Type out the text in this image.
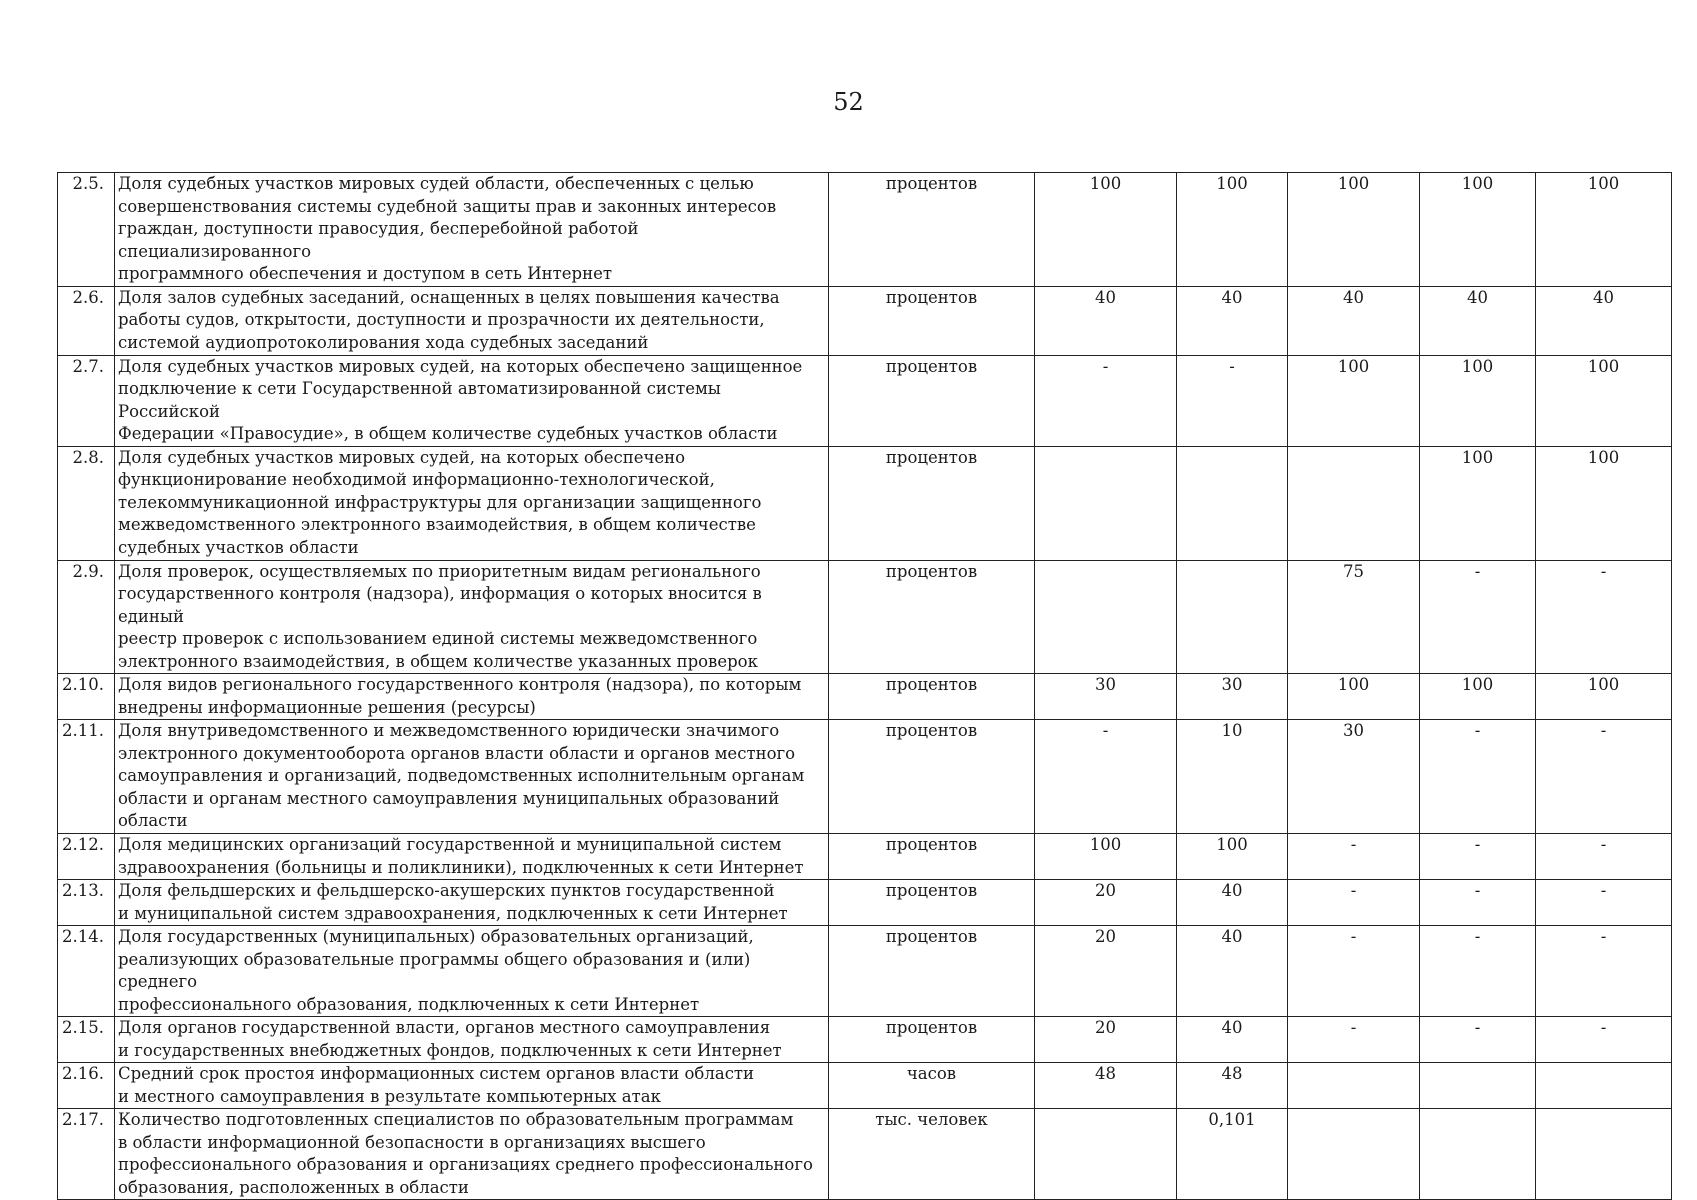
52
2.5.	Доля судебных участков мировых судей области, обеспеченных с целью
совершенствования системы судебной защиты прав и законных интересов
граждан, доступности правосудия, бесперебойной работой специализированного
программного обеспечения и доступом в сеть Интернет	процентов	100	100	100	100	100
2.6.	Доля залов судебных заседаний, оснащенных в целях повышения качества
работы судов, открытости, доступности и прозрачности их деятельности,
системой аудиопротоколирования хода судебных заседаний	процентов	40	40	40	40	40
2.7.	Доля судебных участков мировых судей, на которых обеспечено защищенное
подключение к сети Государственной автоматизированной системы Российской
Федерации «Правосудие», в общем количестве судебных участков области	процентов	-	-	100	100	100
2.8.	Доля судебных участков мировых судей, на которых обеспечено
функционирование необходимой информационно-технологической,
телекоммуникационной инфраструктуры для организации защищенного
межведомственного электронного взаимодействия, в общем количестве
судебных участков области	процентов				100	100
2.9.	Доля проверок, осуществляемых по приоритетным видам регионального
государственного контроля (надзора), информация о которых вносится в единый
реестр проверок с использованием единой системы межведомственного
электронного взаимодействия, в общем количестве указанных проверок	процентов			75	-	-
2.10.	Доля видов регионального государственного контроля (надзора), по которым
внедрены информационные решения (ресурсы)	процентов	30	30	100	100	100
2.11.	Доля внутриведомственного и межведомственного юридически значимого
электронного документооборота органов власти области и органов местного
самоуправления и организаций, подведомственных исполнительным органам
области и органам местного самоуправления муниципальных образований
области	процентов	-	10	30	-	-
2.12.	Доля медицинских организаций государственной и муниципальной систем
здравоохранения (больницы и поликлиники), подключенных к сети Интернет	процентов	100	100	-	-	-
2.13.	Доля фельдшерских и фельдшерско-акушерских пунктов государственной
и муниципальной систем здравоохранения, подключенных к сети Интернет	процентов	20	40	-	-	-
2.14.	Доля государственных (муниципальных) образовательных организаций,
реализующих образовательные программы общего образования и (или) среднего
профессионального образования, подключенных к сети Интернет	процентов	20	40	-	-	-
2.15.	Доля органов государственной власти, органов местного самоуправления
и государственных внебюджетных фондов, подключенных к сети Интернет	процентов	20	40	-	-	-
2.16.	Средний срок простоя информационных систем органов власти области
и местного самоуправления в результате компьютерных атак	часов	48	48			
2.17.	Количество подготовленных специалистов по образовательным программам
в области информационной безопасности в организациях высшего
профессионального образования и организациях среднего профессионального
образования, расположенных в области	тыс. человек		0,101			
